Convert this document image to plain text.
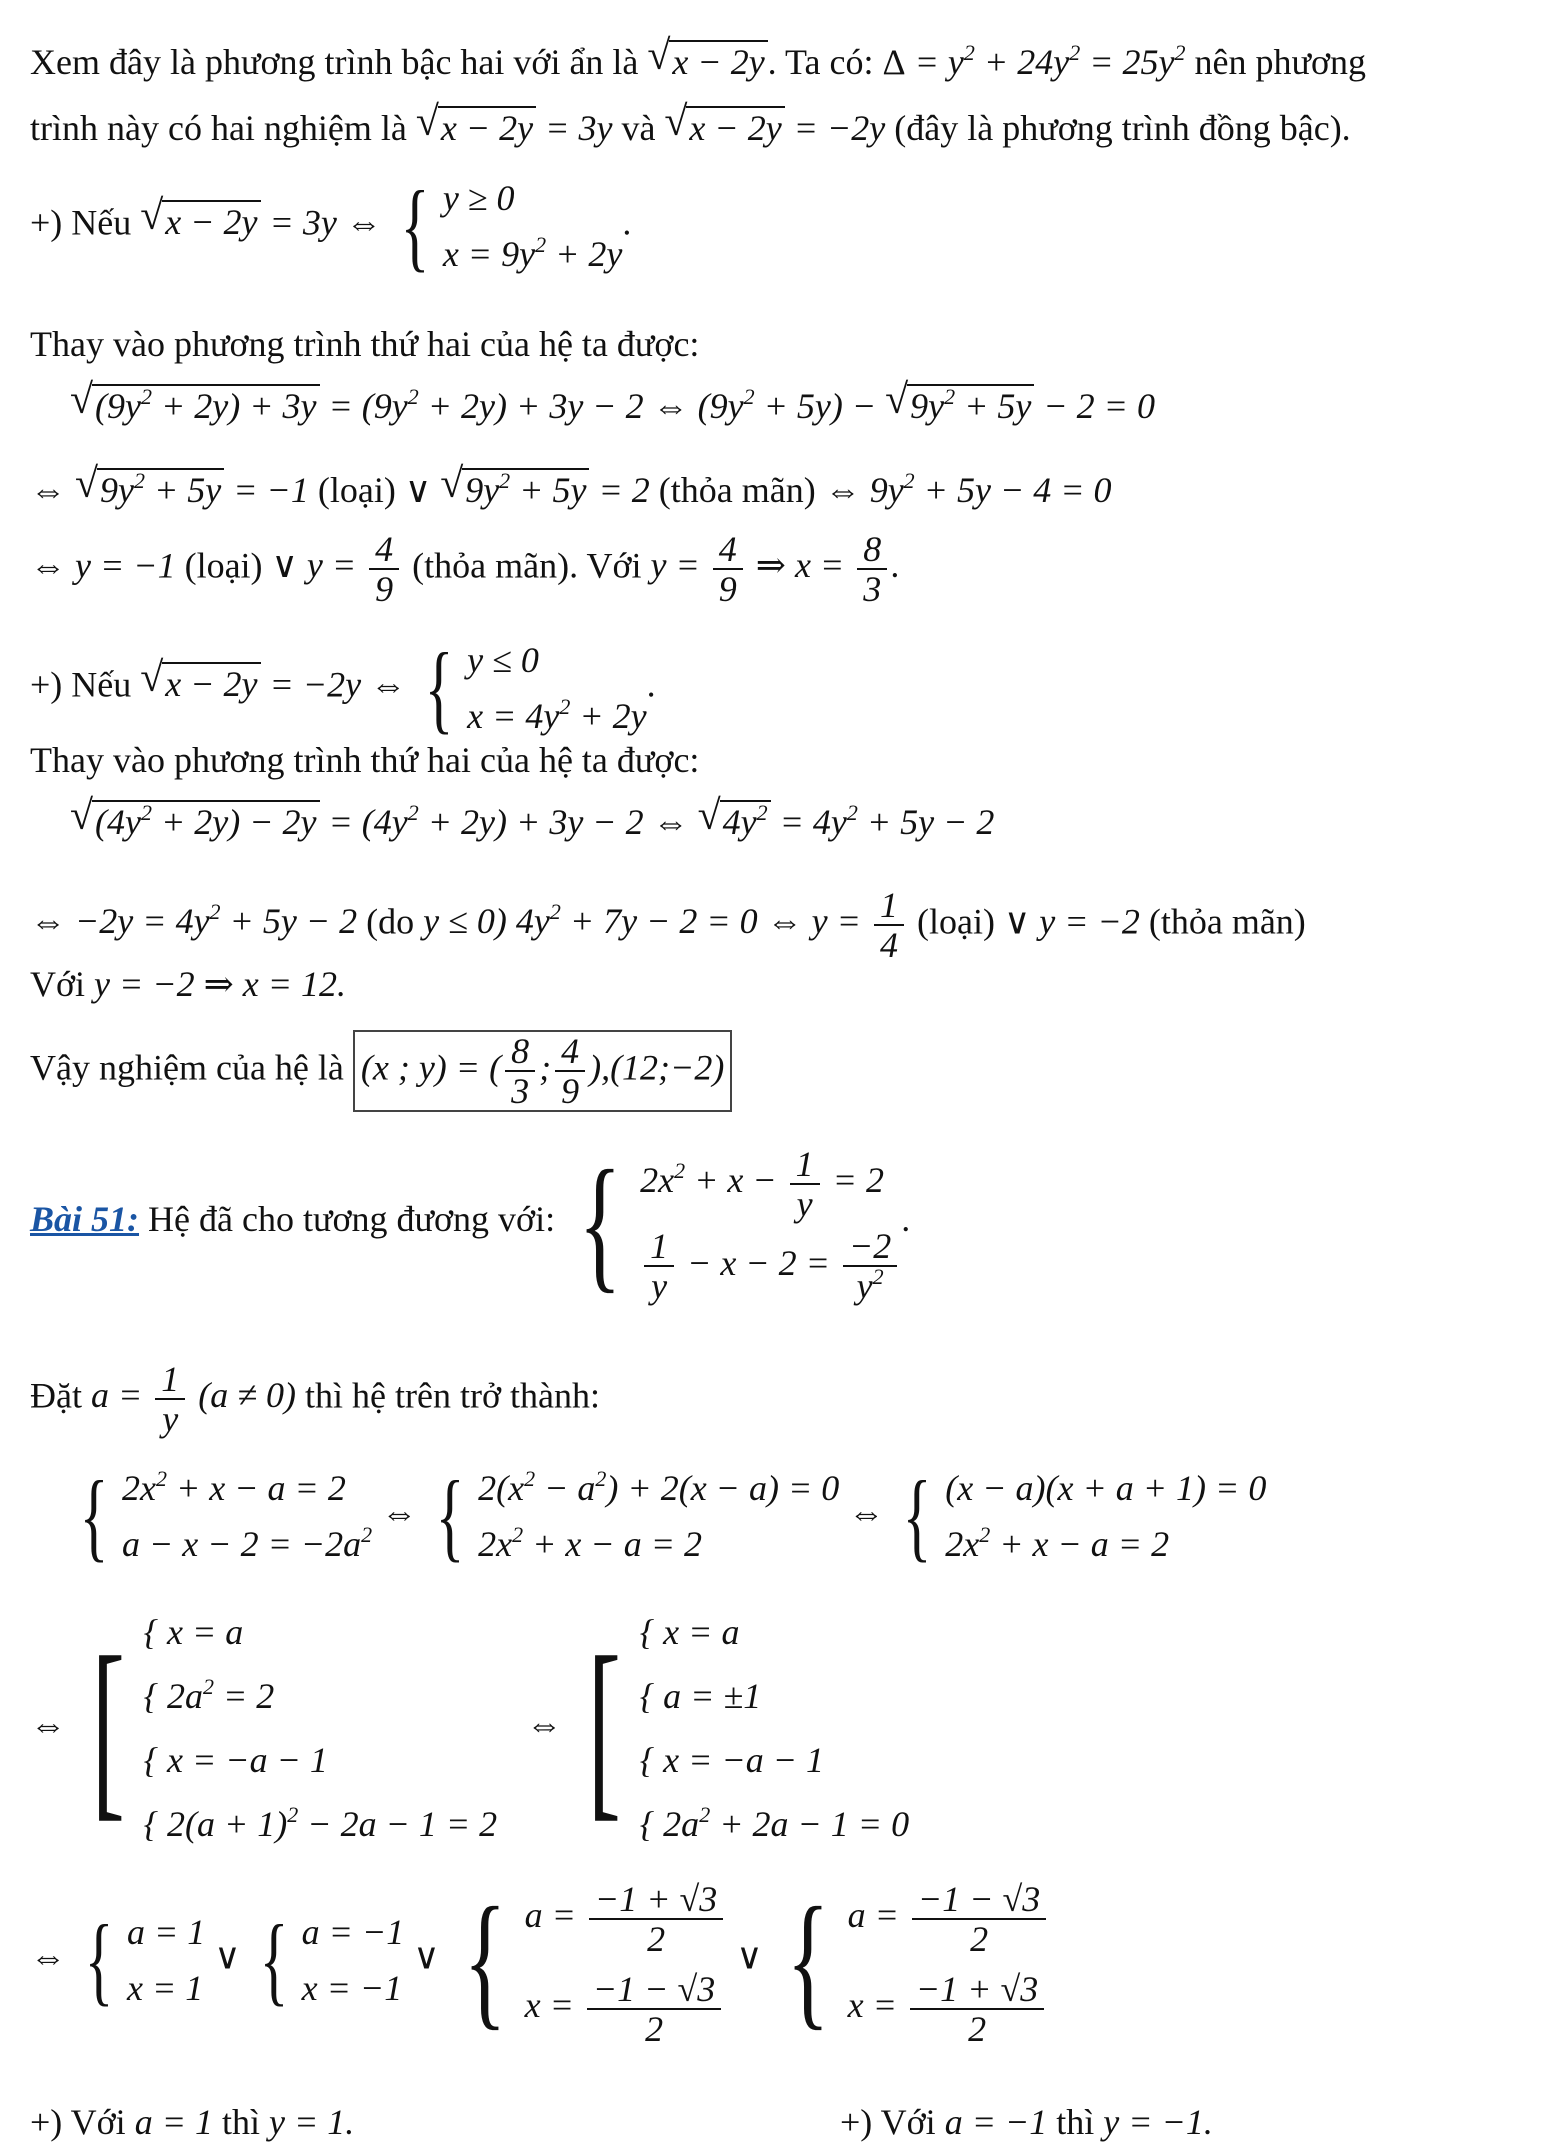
Xem đây là phương trình bậc hai với ẩn là √ x − 2y. Ta có: $\Delta = y^2 + 24y^2 = 25y^2$ nên phương
trình này có hai nghiệm là √ x − 2y = 3y và √ x − 2y = −2y (đây là phương trình đồng bậc).
+) Nếu √ x − 2y = 3y ⇔ { y ≥ 0
$x = 9y^2 + 2y$
.
Thay vào phương trình thứ hai của hệ ta được:
√ $(9y^2 + 2y) + 3y = (9y^2 + 2y) + 3y - 2$ ⇔ $(9y^2 + 5y)$ − √ $9y^2 + 5y - 2 = 0$
⇔ √ $9y^2 + 5y = -1$ (loại) ∨ √ $9y^2 + 5y = 2$ (thỏa mãn) ⇔ $9y^2 + 5y - 4 = 0$
⇔ y = −1 (loại) ∨ $y = \frac{4}{9}$ (thỏa mãn). Với $y = \frac{4}{9}$ ⇒ $x = \frac{8}{3}$ .
+) Nếu √ x − 2y = −2y ⇔ { y ≤ 0
$x = 4y^2 + 2y$
.
Thay vào phương trình thứ hai của hệ ta được:
√ $(4y^2 + 2y) - 2y = (4y^2 + 2y) + 3y - 2$ ⇔ √ $4y^2 = 4y^2 + 5y - 2$
⇔ $-2y = 4y^2 + 5y - 2$ (do y ≤ 0) $4y^2 + 7y - 2 = 0$ ⇔ $y = \frac{1}{4}$ (loại) ∨ y = −2 (thỏa mãn)
Với y = −2 ⇒ x = 12.
Vậy nghiệm của hệ là (x ; y) = ( $\frac{8}{3}$ ; $\frac{4}{9}$ ),(12;−2)
Bài 51: Hệ đã cho tương đương với: { $2x^2 + x - \frac{1}{y} = 2$
$\frac{1}{y} - x - 2 = \frac{-2}{y^2}$
.
Đặt $a = \frac{1}{y} (a \ne 0)$ thì hệ trên trở thành:
{ $2x^2 + x - a = 2$
$a - x - 2 = -2a^2$
⇔ { $2(x^2 - a^2) + 2(x - a) = 0$
$2x^2 + x - a = 2$
⇔ { (x − a)(x + a + 1) = 0
$2x^2 + x - a = 2$
⇔ [ { x = a
{ $2a^2 = 2$
{ x = −a − 1
{ $2(a + 1)^2 - 2a - 1 = 2$
⇔ [ { x = a
{ a = ±1
{ x = −a − 1
{ $2a^2 + 2a - 1 = 0$
⇔ { a = 1
x = 1
∨ { a = −1
x = −1
∨ { $a = \frac{-1 + √3}{2}$
$x = \frac{-1 - √3}{2}$
∨ { $a = \frac{-1 - √3}{2}$
$x = \frac{-1 + √3}{2}$
+) Với a = 1 thì y = 1.	+) Với a = −1 thì y = −1.
